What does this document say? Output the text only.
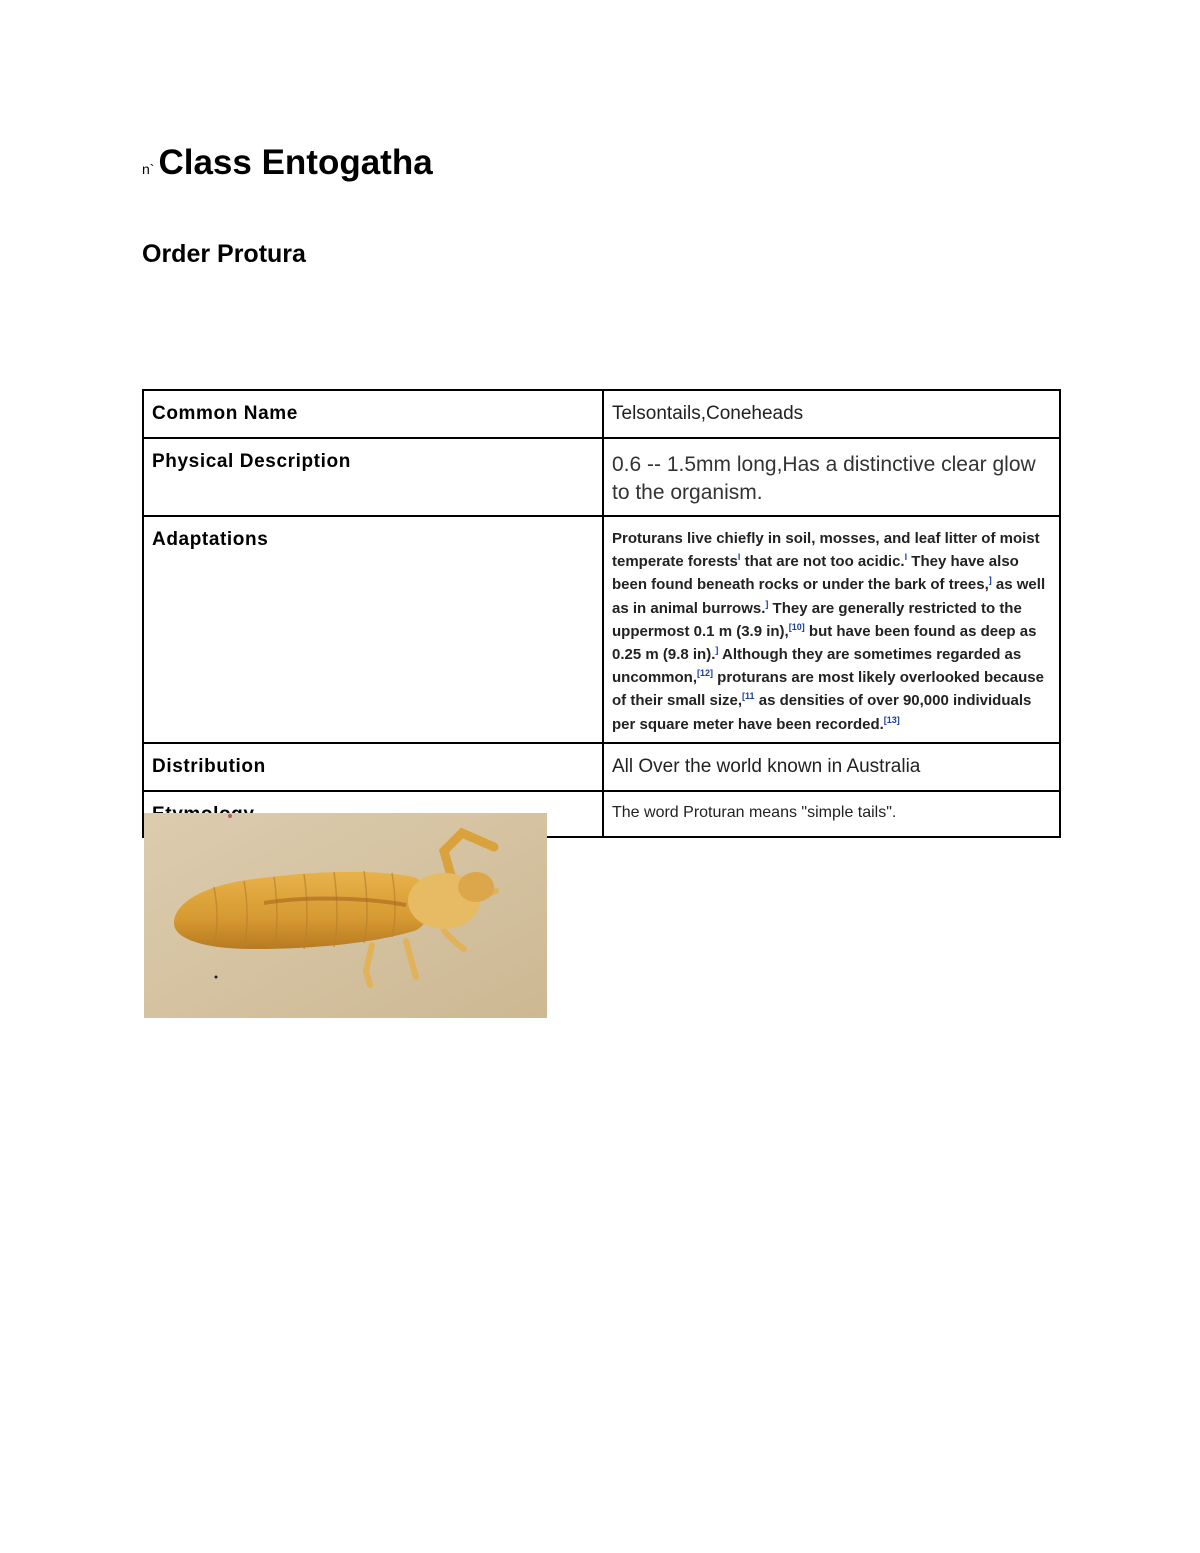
n` Class Entogatha
Order Protura
Common Name	Telsontails,Coneheads
Physical Description	0.6 -- 1.5mm long,Has a distinctive clear glow to the organism.
Adaptations	Proturans live chiefly in soil, mosses, and leaf litter of moist temperate forests$^l$ that are not too acidic.$^l$ They have also been found beneath rocks or under the bark of trees,] as well as in animal burrows.] They are generally restricted to the uppermost 0.1 m (3.9 in),[10] but have been found as deep as 0.25 m (9.8 in).] Although they are sometimes regarded as uncommon,[12] proturans are most likely overlooked because of their small size,$^{[11}$ as densities of over 90,000 individuals per square meter have been recorded.[13]
Distribution	All Over the world known in Australia
	The word Proturan means "simple tails".
